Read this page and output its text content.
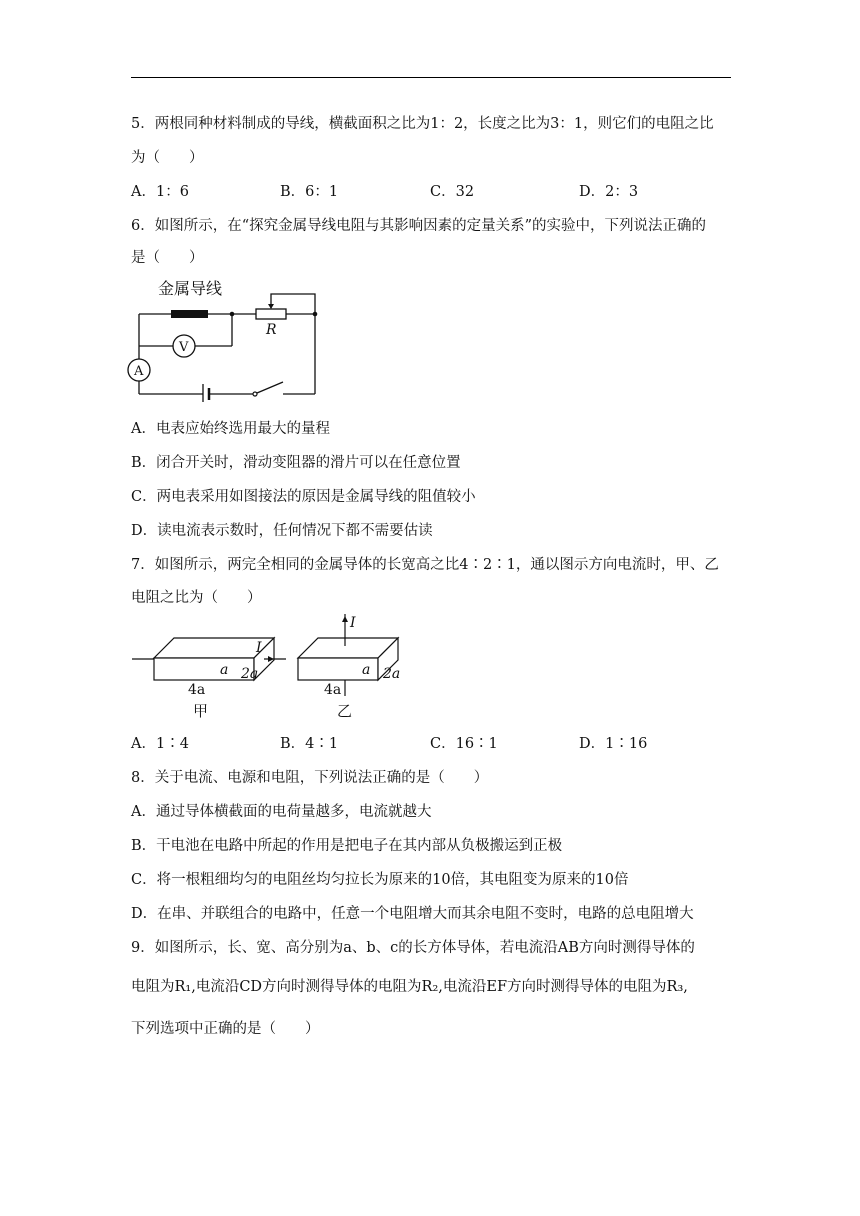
5．两根同种材料制成的导线，横截面积之比为1：2，长度之比为3：1，则它们的电阻之比
为（　　）
A．1：6	B．6：1	C．32	D．2：3
6．如图所示，在“探究金属导线电阻与其影响因素的定量关系”的实验中，下列说法正确的
是（　　）
金属导线
R
V
A
A．电表应始终选用最大的量程
B．闭合开关时，滑动变阻器的滑片可以在任意位置
C．两电表采用如图接法的原因是金属导线的阻值较小
D．读电流表示数时，任何情况下都不需要估读
7．如图所示，两完全相同的金属导体的长宽高之比4∶2∶1，通以图示方向电流时，甲、乙
电阻之比为（　　）
I
a 2a
4a
甲
I
a 2a
4a
乙
A．1∶4	B．4∶1	C．16∶1	D．1∶16
8．关于电流、电源和电阻，下列说法正确的是（　　）
A．通过导体横截面的电荷量越多，电流就越大
B．干电池在电路中所起的作用是把电子在其内部从负极搬运到正极
C．将一根粗细均匀的电阻丝均匀拉长为原来的10倍，其电阻变为原来的10倍
D．在串、并联组合的电路中，任意一个电阻增大而其余电阻不变时，电路的总电阻增大
9．如图所示，长、宽、高分别为a、b、c的长方体导体，若电流沿AB方向时测得导体的
电阻为R₁,电流沿CD方向时测得导体的电阻为R₂,电流沿EF方向时测得导体的电阻为R₃,
下列选项中正确的是（　　）
